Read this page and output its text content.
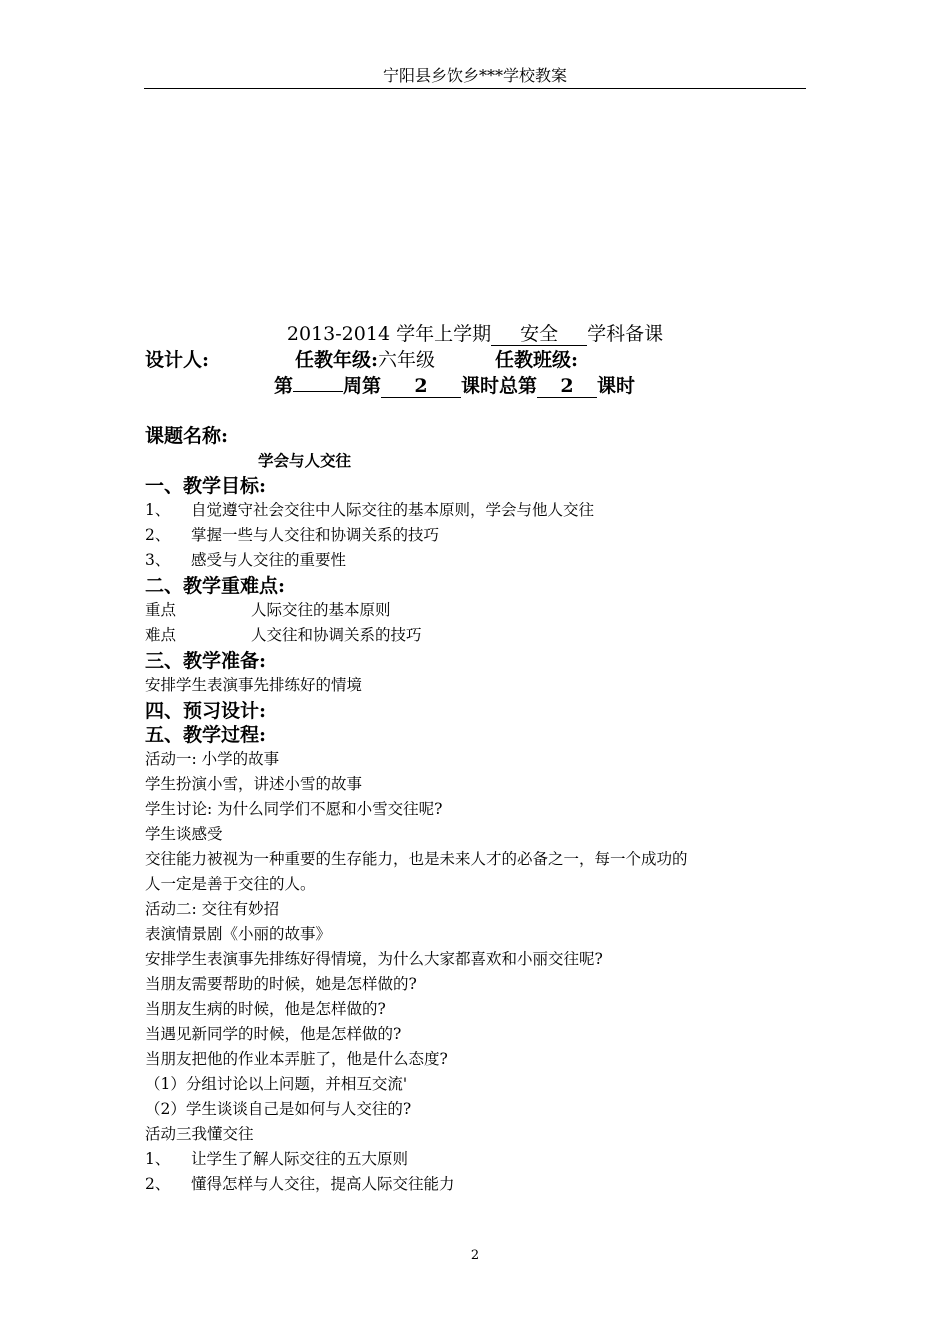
宁阳县乡饮乡***学校教案
2013-2014 学年上学期 安全 学科备课
设计人:	任教年级:六年级	任教班级:
第	周第 2 课时总第 2 课时
课题名称:
学会与人交往
一、教学目标:
1、 自觉遵守社会交往中人际交往的基本原则，学会与他人交往
2、 掌握一些与人交往和协调关系的技巧
3、 感受与人交往的重要性
二、教学重难点:
重点	人际交往的基本原则
难点	人交往和协调关系的技巧
三、教学准备:
安排学生表演事先排练好的情境
四、预习设计:
五、教学过程:
活动一: 小学的故事
学生扮演小雪，讲述小雪的故事
学生讨论: 为什么同学们不愿和小雪交往呢?
学生谈感受
交往能力被视为一种重要的生存能力，也是未来人才的必备之一，每一个成功的
人一定是善于交往的人。
活动二: 交往有妙招
表演情景剧《小丽的故事》
安排学生表演事先排练好得情境，为什么大家都喜欢和小丽交往呢?
当朋友需要帮助的时候，她是怎样做的?
当朋友生病的时候，他是怎样做的?
当遇见新同学的时候，他是怎样做的?
当朋友把他的作业本弄脏了，他是什么态度?
（1）分组讨论以上问题，并相互交流'
（2）学生谈谈自己是如何与人交往的?
活动三我懂交往
1、 让学生了解人际交往的五大原则
2、 懂得怎样与人交往，提高人际交往能力
2
